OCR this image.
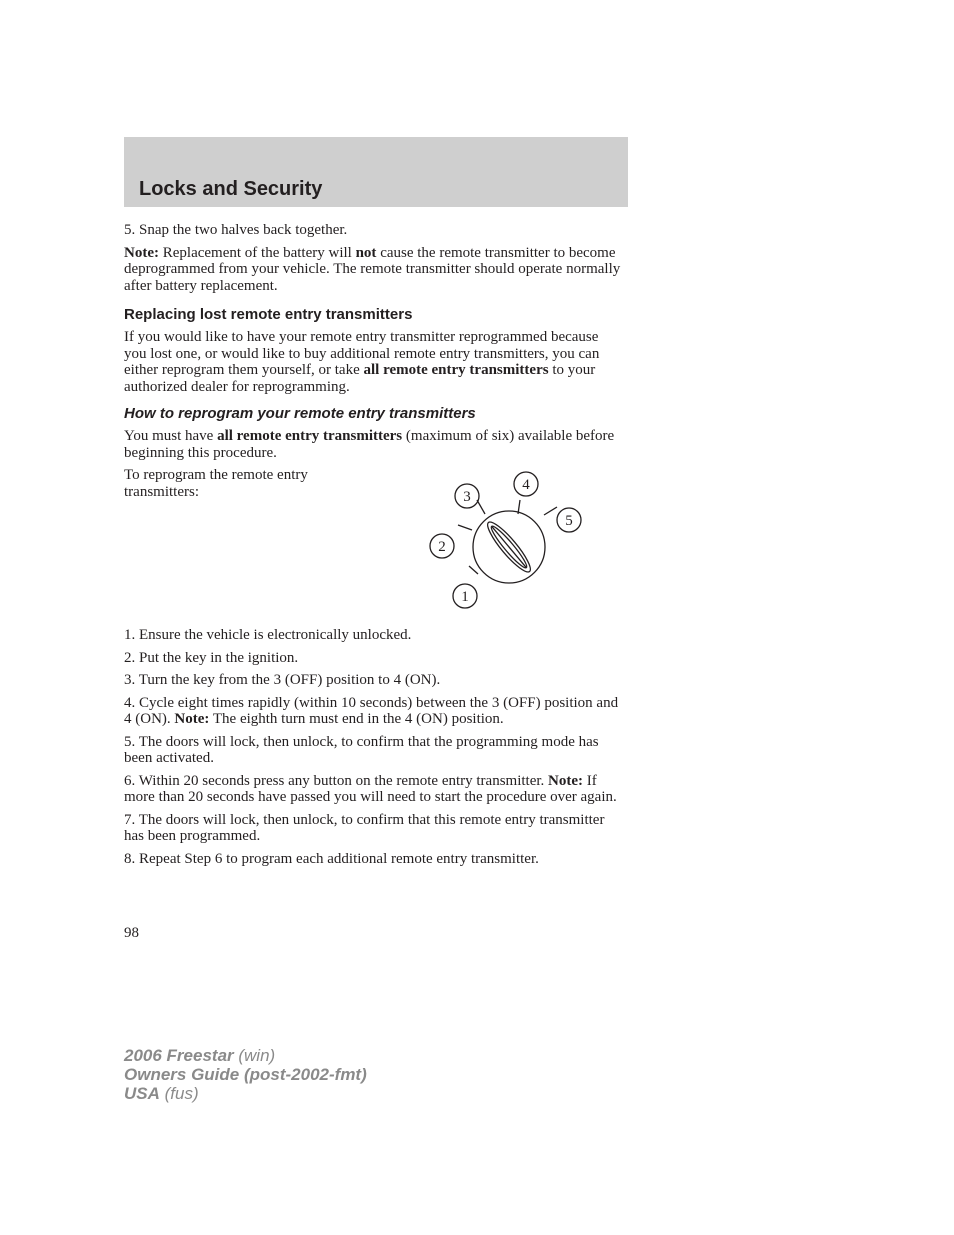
Locks and Security

5. Snap the two halves back together.

Note: Replacement of the battery will not cause the remote transmitter to become deprogrammed from your vehicle. The remote transmitter should operate normally after battery replacement.

Replacing lost remote entry transmitters

If you would like to have your remote entry transmitter reprogrammed because you lost one, or would like to buy additional remote entry transmitters, you can either reprogram them yourself, or take all remote entry transmitters to your authorized dealer for reprogramming.

How to reprogram your remote entry transmitters

You must have all remote entry transmitters (maximum of six) available before beginning this procedure.

To reprogram the remote entry transmitters:

1
2
3
4
5

1. Ensure the vehicle is electronically unlocked.

2. Put the key in the ignition.

3. Turn the key from the 3 (OFF) position to 4 (ON).

4. Cycle eight times rapidly (within 10 seconds) between the 3 (OFF) position and 4 (ON). Note: The eighth turn must end in the 4 (ON) position.

5. The doors will lock, then unlock, to confirm that the programming mode has been activated.

6. Within 20 seconds press any button on the remote entry transmitter. Note: If more than 20 seconds have passed you will need to start the procedure over again.

7. The doors will lock, then unlock, to confirm that this remote entry transmitter has been programmed.

8. Repeat Step 6 to program each additional remote entry transmitter.

98
2006 Freestar (win)
Owners Guide (post-2002-fmt)
USA (fus)
